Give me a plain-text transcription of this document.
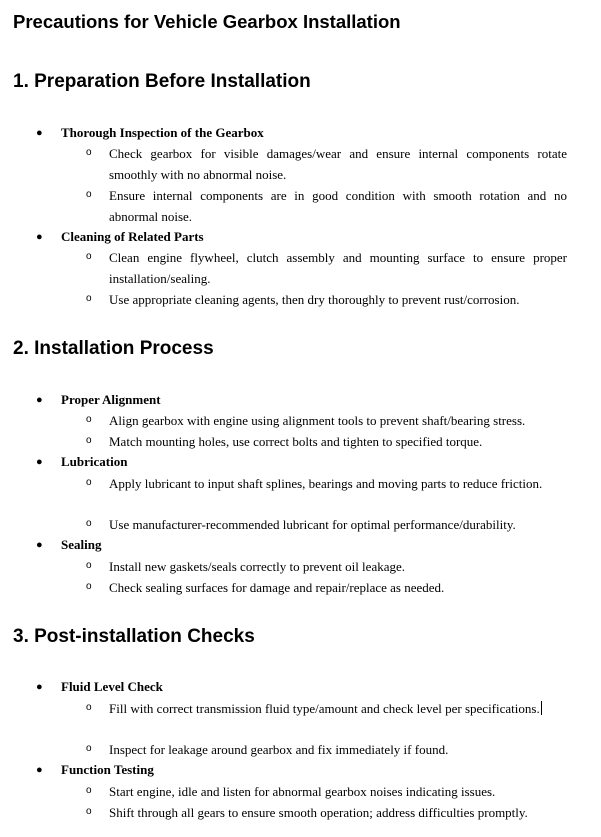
Precautions for Vehicle Gearbox Installation
1. Preparation Before Installation
● Thorough Inspection of the Gearbox
o Check gearbox for visible damages/wear and ensure internal components rotate smoothly with no abnormal noise.
o Ensure internal components are in good condition with smooth rotation and no abnormal noise.
● Cleaning of Related Parts
o Clean engine flywheel, clutch assembly and mounting surface to ensure proper installation/sealing.
o Use appropriate cleaning agents, then dry thoroughly to prevent rust/corrosion.
2. Installation Process
● Proper Alignment
o Align gearbox with engine using alignment tools to prevent shaft/bearing stress.
o Match mounting holes, use correct bolts and tighten to specified torque.
● Lubrication
o Apply lubricant to input shaft splines, bearings and moving parts to reduce friction.
o Use manufacturer-recommended lubricant for optimal performance/durability.
● Sealing
o Install new gaskets/seals correctly to prevent oil leakage.
o Check sealing surfaces for damage and repair/replace as needed.
3. Post-installation Checks
● Fluid Level Check
o Fill with correct transmission fluid type/amount and check level per specifications.
o Inspect for leakage around gearbox and fix immediately if found.
● Function Testing
o Start engine, idle and listen for abnormal gearbox noises indicating issues.
o Shift through all gears to ensure smooth operation; address difficulties promptly.
